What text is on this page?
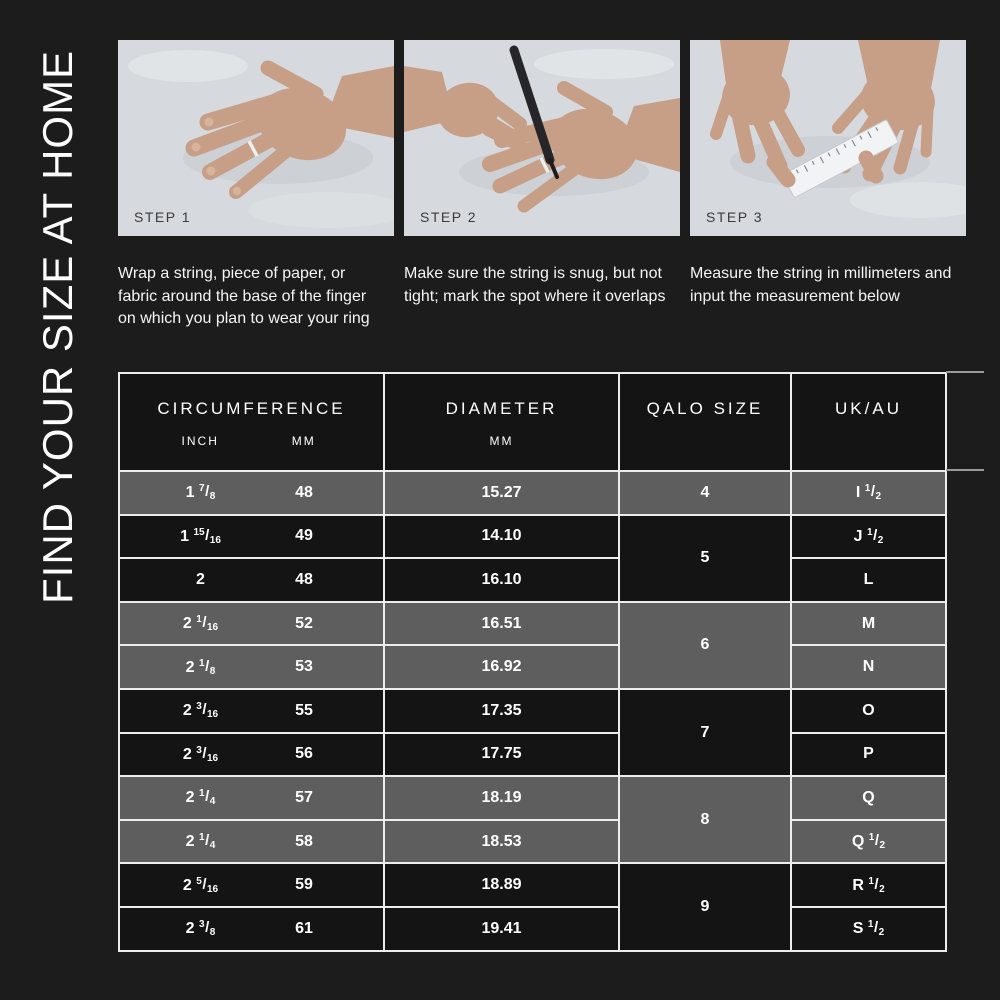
FIND YOUR SIZE AT HOME	STEP 1
Wrap a string, piece of paper, or fabric around the base of the finger on which you plan to wear your ring
STEP 2
Make sure the string is snug, but not tight; mark the spot where it overlaps
STEP 3
Measure the string in millimeters and input the measurement below
CIRCUMFERENCE
INCH	MM

DIAMETER
MM

QALO SIZE	UK/AU

1 $^7$/8	48	15.27	4	I $^1$/2
1 $^{15}$/16	49	14.10	5	J $^1$/2
2	48	16.10		L
2 $^1$/16	52	16.51	6	M
2 $^1$/8	53	16.92		N
2 $^3$/16	55	17.35	7	O
2 $^3$/16	56	17.75		P
2 $^1$/4	57	18.19	8	Q
2 $^1$/4	58	18.53		Q $^1$/2
2 $^5$/16	59	18.89	9	R $^1$/2
2 $^3$/8	61	19.41		S $^1$/2
